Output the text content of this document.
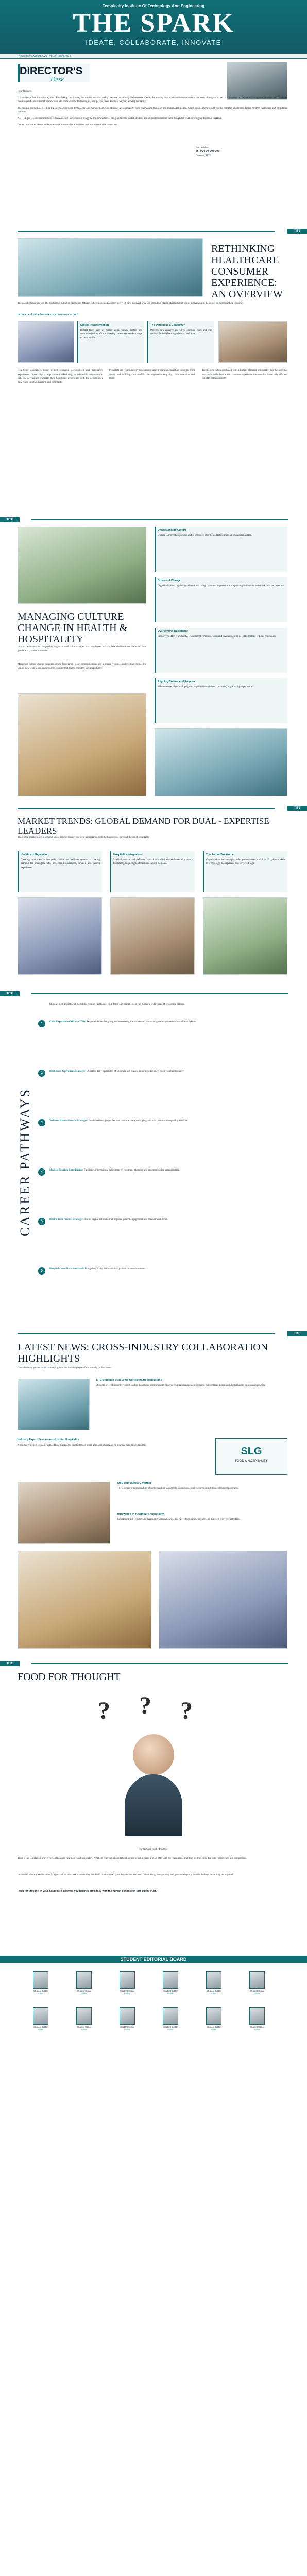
Templecity Institute Of Technology And Engineering
THE SPARK
IDEATE, COLLABORATE, INNOVATE
Newsletter | August 2025 | Vol. 2 | Issue No. 2
DIRECTOR'S
Desk

Dear Readers,

It is an honor that this volume, titled 'Rethinking Healthcare, Innovation and Hospitality', centers on a timely and essential theme. Rethinking healthcare and innovation is at the heart of our profession. It is imperative that we encourage our students and faculty to think beyond conventional frameworks and embrace new technologies, new perspectives and new ways of serving humanity.

The unique strength of TITE is the interplay between technology and management. Our students are exposed to both engineering thinking and managerial insight, which equips them to address the complex challenges facing modern healthcare and hospitality systems.

As TITE grows, our commitment remains rooted in excellence, integrity and innovation. I congratulate the editorial board and all contributors for their thoughtful work in bringing this issue together.

Let us continue to ideate, collaborate and innovate for a healthier and more hospitable tomorrow.

Best Wishes,

Mr. XXXXX XXXXXX

Director, TITE

TITE
RETHINKING HEALTHCARE CONSUMER EXPERIENCE: AN OVERVIEW

The paradigm has shifted. The traditional model of healthcare delivery, where patients passively received care, is giving way to a consumer-driven approach that places individuals at the center of their healthcare journey.

In the era of value-based care, consumers expect:

Digital Transformation

Digital tools such as mobile apps, patient portals and wearable devices are empowering consumers to take charge of their health.

The Patient as a Consumer

Patients now research providers, compare costs and read reviews before choosing where to seek care.

Healthcare consumers today expect seamless, personalized and transparent experiences. From digital appointment scheduling to telehealth consultations, patients increasingly compare their healthcare experience with the convenience they enjoy in retail, banking and hospitality.

Providers are responding by redesigning patient journeys, investing in digital front doors, and building care models that emphasize empathy, communication and trust.

Technology, when combined with a human-centered philosophy, has the potential to transform the healthcare consumer experience into one that is not only efficient but also compassionate.

TITE
MANAGING CULTURE CHANGE IN HEALTH & HOSPITALITY

In both healthcare and hospitality, organizational culture shapes how employees behave, how decisions are made and how guests and patients are treated.

Managing culture change requires strong leadership, clear communication and a shared vision. Leaders must model the values they wish to see and invest in training that builds empathy and adaptability.

Understanding Culture

Culture is more than policies and procedures; it is the collective mindset of an organization.

Drivers of Change

Digital adoption, regulatory reforms and rising consumer expectations are pushing institutions to rethink how they operate.

Overcoming Resistance

Employees often fear change. Transparent communication and involvement in decision making reduces resistance.

Aligning Culture and Purpose

When culture aligns with purpose, organizations deliver consistent, high-quality experiences.

TITE
MARKET TRENDS: GLOBAL DEMAND FOR DUAL - EXPERTISE LEADERS

The global marketplace is seeking a new kind of leader: one who understands both the business of care and the art of hospitality.

Healthcare Expansion

Growing investment in hospitals, clinics and wellness centers is creating demand for managers who understand operations, finance and patient experience.

Hospitality Integration

Medical tourism and wellness resorts blend clinical excellence with luxury hospitality, requiring leaders fluent in both domains.

The Future Workforce

Organizations increasingly prefer professionals with interdisciplinary skills in technology, management and service design.

TITE
CAREER PATHWAYS

Students with expertise at the intersection of healthcare, hospitality and management can pursue a wide range of rewarding careers.

1
Chief Experience Officer (CXO): Responsible for designing and overseeing the end-to-end patient or guest experience across all touchpoints.
2
Healthcare Operations Manager: Oversees daily operations of hospitals and clinics, ensuring efficiency, quality and compliance.
3
Wellness Resort General Manager: Leads wellness properties that combine therapeutic programs with premium hospitality services.
4
Medical Tourism Coordinator: Facilitates international patient travel, treatment planning and accommodation arrangements.
5
Health-Tech Product Manager: Builds digital solutions that improve patient engagement and clinical workflows.
6
Hospital Guest Relations Head: Brings hospitality standards into patient care environments.
TITE
LATEST NEWS: CROSS-INDUSTRY COLLABORATION HIGHLIGHTS

Cross-industry partnerships are shaping how institutions prepare future-ready professionals.

TITE Students Visit Leading Healthcare Institutions

Students of TITE recently visited leading healthcare institutions to observe hospital management systems, patient flow design and digital health solutions in practice.

Industry Expert Session on Hospital Hospitality

An industry expert session explored how hospitality principles are being adopted in hospitals to improve patient satisfaction.

SLG
FOOD & HOSPITALITY
MoU with Industry Partner

TITE signed a memorandum of understanding to promote internships, joint research and skill development programs.

Innovation in Healthcare Hospitality

Emerging models show how hospitality-driven approaches can reduce patient anxiety and improve recovery outcomes.

TITE
FOOD FOR THOUGHT
? ? ?

How fast can you be trusted?

Trust is the foundation of every relationship in healthcare and hospitality. A patient entering a hospital and a guest checking into a hotel both look for reassurance that they will be cared for with competence and compassion.

In a world where speed is valued, organizations must ask whether they can build trust as quickly as they deliver services. Consistency, transparency and genuine empathy remain the keys to earning lasting trust.

Food for thought: in your future role, how will you balance efficiency with the human connection that builds trust?

STUDENT EDITORIAL BOARD
Student Editor
Editor
Student Editor
Editor
Student Editor
Editor
Student Editor
Editor
Student Editor
Editor
Student Editor
Editor
Student Editor
Editor
Student Editor
Editor
Student Editor
Editor
Student Editor
Editor
Student Editor
Editor
Student Editor
Editor
